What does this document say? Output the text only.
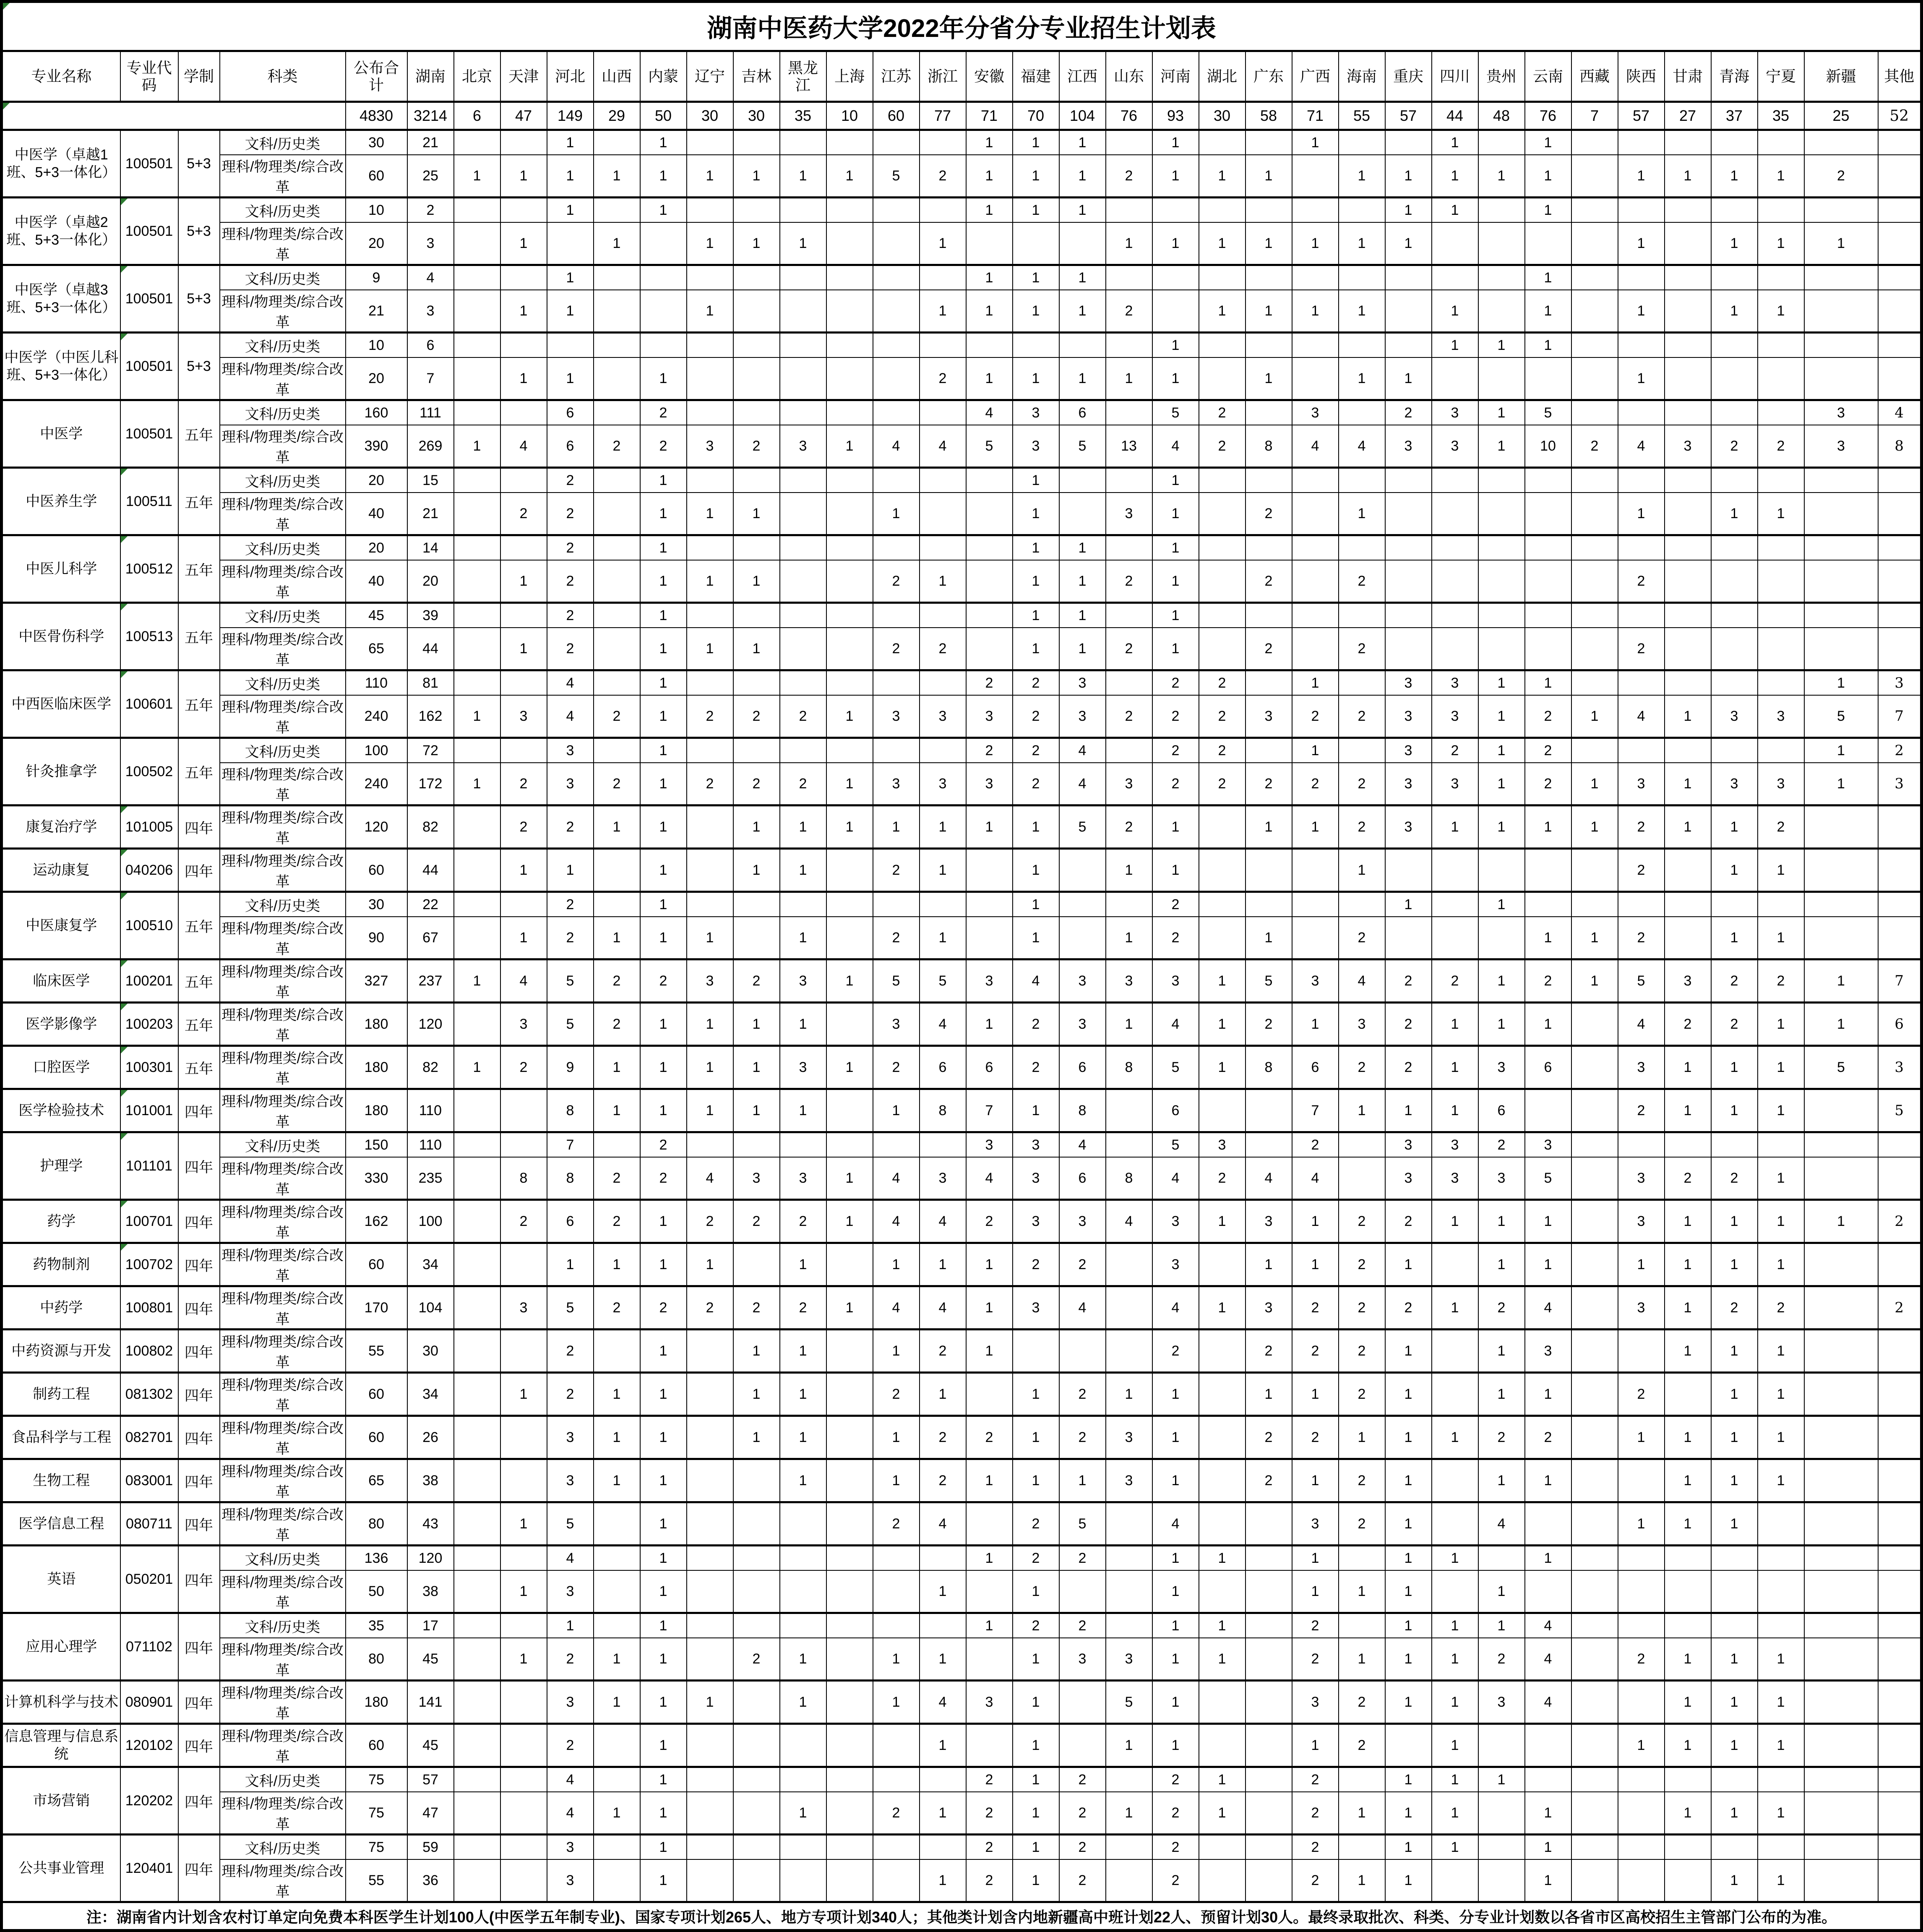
湖南中医药大学2022年分省分专业招生计划表																																				
专业名称	专业代码	学制	科类	公布合计	湖南	北京	天津	河北	山西	内蒙	辽宁	吉林	黑龙江	上海	江苏	浙江	安徽	福建	江西	山东	河南	湖北	广东	广西	海南	重庆	四川	贵州	云南	西藏	陕西	甘肃	青海	宁夏	新疆	其他
				4830	3214	6	47	149	29	50	30	30	35	10	60	77	71	70	104	76	93	30	58	71	55	57	44	48	76	7	57	27	37	35	25	52
中医学（卓越1班、5+3一体化）	100501	5+3	文科/历史类	30	21			1		1							1	1	1		1			1			1		1							
			理科/物理类/综合改革	60	25	1	1	1	1	1	1	1	1	1	5	2	1	1	1	2	1	1	1		1	1	1	1	1		1	1	1	1	2	
中医学（卓越2班、5+3一体化）	100501	5+3	文科/历史类	10	2			1		1							1	1	1							1	1		1							
			理科/物理类/综合改革	20	3		1		1		1	1	1			1				1	1	1	1	1	1	1					1		1	1	1	
中医学（卓越3班、5+3一体化）	100501	5+3	文科/历史类	9	4			1									1	1	1										1							
			理科/物理类/综合改革	21	3		1	1			1					1	1	1	1	2		1	1	1	1		1		1		1		1	1		
中医学（中医儿科班、5+3一体化）	100501	5+3	文科/历史类	10	6																1						1	1	1							
			理科/物理类/综合改革	20	7		1	1		1						2	1	1	1	1	1		1		1	1					1					
中医学	100501	五年	文科/历史类	160	111			6		2							4	3	6		5	2		3		2	3	1	5						3	4
			理科/物理类/综合改革	390	269	1	4	6	2	2	3	2	3	1	4	4	5	3	5	13	4	2	8	4	4	3	3	1	10	2	4	3	2	2	3	8
中医养生学	100511	五年	文科/历史类	20	15			2		1								1			1															
			理科/物理类/综合改革	40	21		2	2		1	1	1			1			1		3	1		2		1						1		1	1		
中医儿科学	100512	五年	文科/历史类	20	14			2		1								1	1		1															
			理科/物理类/综合改革	40	20		1	2		1	1	1			2	1		1	1	2	1		2		2						2					
中医骨伤科学	100513	五年	文科/历史类	45	39			2		1								1	1		1															
			理科/物理类/综合改革	65	44		1	2		1	1	1			2	2		1	1	2	1		2		2						2					
中西医临床医学	100601	五年	文科/历史类	110	81			4		1							2	2	3		2	2		1		3	3	1	1						1	3
			理科/物理类/综合改革	240	162	1	3	4	2	1	2	2	2	1	3	3	3	2	3	2	2	2	3	2	2	3	3	1	2	1	4	1	3	3	5	7
针灸推拿学	100502	五年	文科/历史类	100	72			3		1							2	2	4		2	2		1		3	2	1	2						1	2
			理科/物理类/综合改革	240	172	1	2	3	2	1	2	2	2	1	3	3	3	2	4	3	2	2	2	2	2	3	3	1	2	1	3	1	3	3	1	3
康复治疗学	101005	四年	理科/物理类/综合改革	120	82		2	2	1	1		1	1	1	1	1	1	1	5	2	1		1	1	2	3	1	1	1	1	2	1	1	2		
运动康复	040206	四年	理科/物理类/综合改革	60	44		1	1		1		1	1		2	1		1		1	1				1						2		1	1		
中医康复学	100510	五年	文科/历史类	30	22			2		1								1			2					1		1								
			理科/物理类/综合改革	90	67		1	2	1	1	1		1		2	1		1		1	2		1		2				1	1	2		1	1		
临床医学	100201	五年	理科/物理类/综合改革	327	237	1	4	5	2	2	3	2	3	1	5	5	3	4	3	3	3	1	5	3	4	2	2	1	2	1	5	3	2	2	1	7
医学影像学	100203	五年	理科/物理类/综合改革	180	120		3	5	2	1	1	1	1		3	4	1	2	3	1	4	1	2	1	3	2	1	1	1		4	2	2	1	1	6
口腔医学	100301	五年	理科/物理类/综合改革	180	82	1	2	9	1	1	1	1	3	1	2	6	6	2	6	8	5	1	8	6	2	2	1	3	6		3	1	1	1	5	3
医学检验技术	101001	四年	理科/物理类/综合改革	180	110			8	1	1	1	1	1		1	8	7	1	8		6			7	1	1	1	6			2	1	1	1		5
护理学	101101	四年	文科/历史类	150	110			7		2							3	3	4		5	3		2		3	3	2	3							
			理科/物理类/综合改革	330	235		8	8	2	2	4	3	3	1	4	3	4	3	6	8	4	2	4	4		3	3	3	5		3	2	2	1		
药学	100701	四年	理科/物理类/综合改革	162	100		2	6	2	1	2	2	2	1	4	4	2	3	3	4	3	1	3	1	2	2	1	1	1		3	1	1	1	1	2
药物制剂	100702	四年	理科/物理类/综合改革	60	34			1	1	1	1		1		1	1	1	2	2		3		1	1	2	1		1	1		1	1	1	1		
中药学	100801	四年	理科/物理类/综合改革	170	104		3	5	2	2	2	2	2	1	4	4	1	3	4		4	1	3	2	2	2	1	2	4		3	1	2	2		2
中药资源与开发	100802	四年	理科/物理类/综合改革	55	30			2		1		1	1		1	2	1				2		2	2	2	1		1	3			1	1	1		
制药工程	081302	四年	理科/物理类/综合改革	60	34		1	2	1	1		1	1		2	1		1	2	1	1		1	1	2	1		1	1		2		1	1		
食品科学与工程	082701	四年	理科/物理类/综合改革	60	26			3	1	1		1	1		1	2	2	1	2	3	1		2	2	1	1	1	2	2		1	1	1	1		
生物工程	083001	四年	理科/物理类/综合改革	65	38			3	1	1			1		1	2	1	1	1	3	1		2	1	2	1		1	1			1	1	1		
医学信息工程	080711	四年	理科/物理类/综合改革	80	43		1	5		1					2	4		2	5		4			3	2	1		4			1	1	1			
英语	050201	四年	文科/历史类	136	120			4		1							1	2	2		1	1		1		1	1		1							
			理科/物理类/综合改革	50	38		1	3		1						1		1			1			1	1	1		1								
应用心理学	071102	四年	文科/历史类	35	17			1		1							1	2	2		1	1		2		1	1	1	4							
			理科/物理类/综合改革	80	45		1	2	1	1		2	1		1	1		1	3	3	1	1		2	1	1	1	2	4		2	1	1	1		
计算机科学与技术	080901	四年	理科/物理类/综合改革	180	141			3	1	1	1		1		1	4	3	1		5	1			3	2	1	1	3	4			1	1	1		
信息管理与信息系统	120102	四年	理科/物理类/综合改革	60	45			2		1						1		1		1	1			1	2		1				1	1	1	1		
市场营销	120202	四年	文科/历史类	75	57			4		1							2	1	2		2	1		2		1	1	1								
			理科/物理类/综合改革	75	47			4	1	1			1		2	1	2	1	2	1	2	1		2	1	1	1		1			1	1	1		
公共事业管理	120401	四年	文科/历史类	75	59			3		1							2	1	2		2			2		1	1		1							
			理科/物理类/综合改革	55	36			3		1						1	2	1	2		2			2	1	1			1				1	1		
注：湖南省内计划含农村订单定向免费本科医学生计划100人(中医学五年制专业)、国家专项计划265人、地方专项计划340人；其他类计划含内地新疆高中班计划22人、预留计划30人。最终录取批次、科类、分专业计划数以各省市区高校招生主管部门公布的为准。																																				
